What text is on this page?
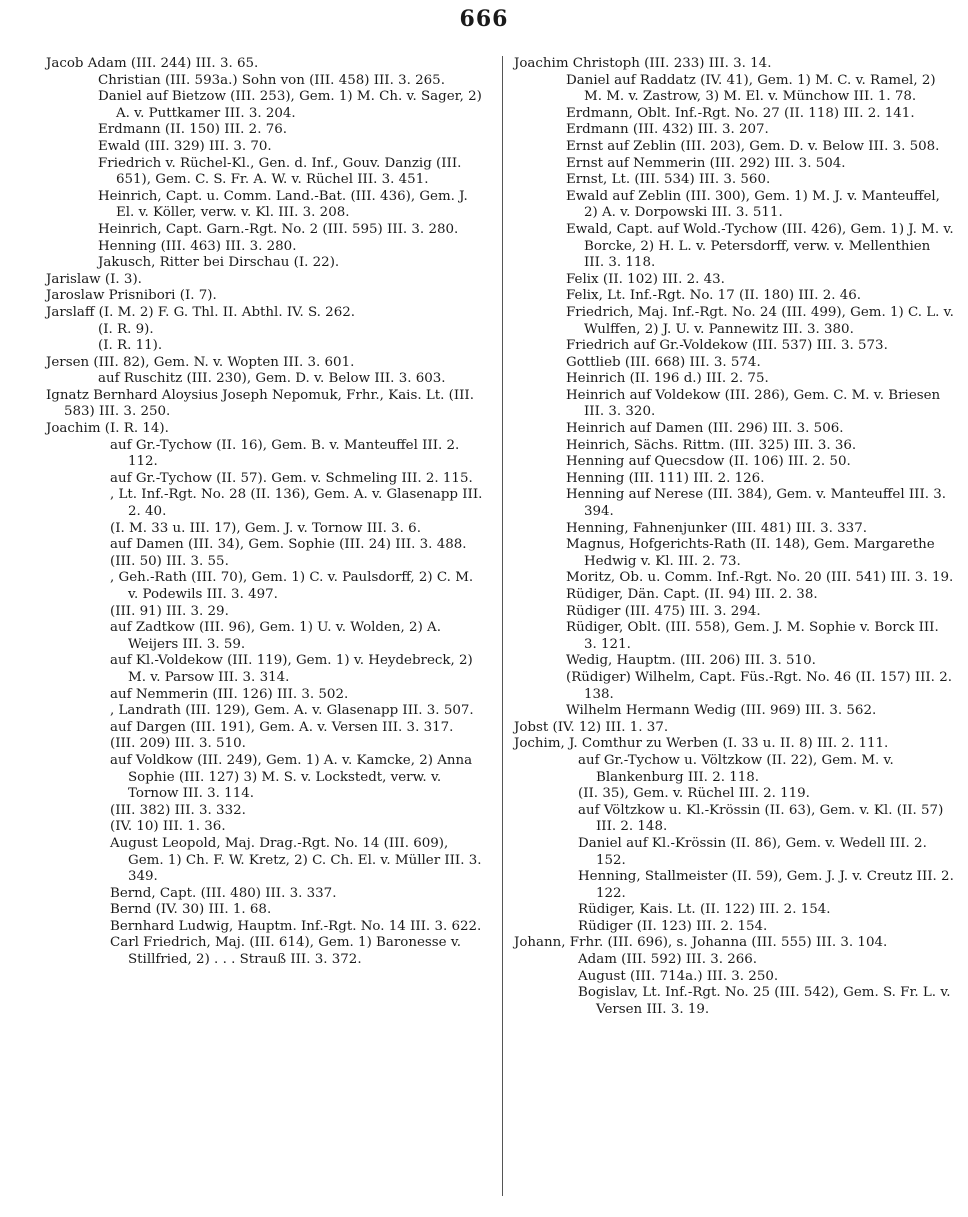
666
Jacob Adam (III. 244) III. 3. 65.
Christian (III. 593a.) Sohn von (III. 458) III. 3. 265.
Daniel auf Bietzow (III. 253), Gem. 1) M. Ch. v. Sager, 2) A. v. Puttkamer III. 3. 204.
Erdmann (II. 150) III. 2. 76.
Ewald (III. 329) III. 3. 70.
Friedrich v. Rüchel-Kl., Gen. d. Inf., Gouv. Danzig (III. 651), Gem. C. S. Fr. A. W. v. Rüchel III. 3. 451.
Heinrich, Capt. u. Comm. Land.-Bat. (III. 436), Gem. J. El. v. Köller, verw. v. Kl. III. 3. 208.
Heinrich, Capt. Garn.-Rgt. No. 2 (III. 595) III. 3. 280.
Henning (III. 463) III. 3. 280.
Jakusch, Ritter bei Dirschau (I. 22).
Jarislaw (I. 3).
Jaroslaw Prisnibori (I. 7).
Jarslaff (I. M. 2) F. G. Thl. II. Abthl. IV. S. 262.
(I. R. 9).
(I. R. 11).
Jersen (III. 82), Gem. N. v. Wopten III. 3. 601.
auf Ruschitz (III. 230), Gem. D. v. Below III. 3. 603.
Ignatz Bernhard Aloysius Joseph Nepomuk, Frhr., Kais. Lt. (III. 583) III. 3. 250.
Joachim (I. R. 14).
auf Gr.-Tychow (II. 16), Gem. B. v. Manteuffel III. 2. 112.
auf Gr.-Tychow (II. 57). Gem. v. Schmeling III. 2. 115.
, Lt. Inf.-Rgt. No. 28 (II. 136), Gem. A. v. Glasenapp III. 2. 40.
(I. M. 33 u. III. 17), Gem. J. v. Tornow III. 3. 6.
auf Damen (III. 34), Gem. Sophie (III. 24) III. 3. 488.
(III. 50) III. 3. 55.
, Geh.-Rath (III. 70), Gem. 1) C. v. Paulsdorff, 2) C. M. v. Podewils III. 3. 497.
(III. 91) III. 3. 29.
auf Zadtkow (III. 96), Gem. 1) U. v. Wolden, 2) A. Weijers III. 3. 59.
auf Kl.-Voldekow (III. 119), Gem. 1) v. Heydebreck, 2) M. v. Parsow III. 3. 314.
auf Nemmerin (III. 126) III. 3. 502.
, Landrath (III. 129), Gem. A. v. Glasenapp III. 3. 507.
auf Dargen (III. 191), Gem. A. v. Versen III. 3. 317.
(III. 209) III. 3. 510.
auf Voldkow (III. 249), Gem. 1) A. v. Kamcke, 2) Anna Sophie (III. 127) 3) M. S. v. Lockstedt, verw. v. Tornow III. 3. 114.
(III. 382) III. 3. 332.
(IV. 10) III. 1. 36.
August Leopold, Maj. Drag.-Rgt. No. 14 (III. 609), Gem. 1) Ch. F. W. Kretz, 2) C. Ch. El. v. Müller III. 3. 349.
Bernd, Capt. (III. 480) III. 3. 337.
Bernd (IV. 30) III. 1. 68.
Bernhard Ludwig, Hauptm. Inf.-Rgt. No. 14 III. 3. 622.
Carl Friedrich, Maj. (III. 614), Gem. 1) Baronesse v. Stillfried, 2) . . . Strauß III. 3. 372.
Joachim Christoph (III. 233) III. 3. 14.
Daniel auf Raddatz (IV. 41), Gem. 1) M. C. v. Ramel, 2) M. M. v. Zastrow, 3) M. El. v. Münchow III. 1. 78.
Erdmann, Oblt. Inf.-Rgt. No. 27 (II. 118) III. 2. 141.
Erdmann (III. 432) III. 3. 207.
Ernst auf Zeblin (III. 203), Gem. D. v. Below III. 3. 508.
Ernst auf Nemmerin (III. 292) III. 3. 504.
Ernst, Lt. (III. 534) III. 3. 560.
Ewald auf Zeblin (III. 300), Gem. 1) M. J. v. Manteuffel, 2) A. v. Dorpowski III. 3. 511.
Ewald, Capt. auf Wold.-Tychow (III. 426), Gem. 1) J. M. v. Borcke, 2) H. L. v. Petersdorff, verw. v. Mellenthien III. 3. 118.
Felix (II. 102) III. 2. 43.
Felix, Lt. Inf.-Rgt. No. 17 (II. 180) III. 2. 46.
Friedrich, Maj. Inf.-Rgt. No. 24 (III. 499), Gem. 1) C. L. v. Wulffen, 2) J. U. v. Pannewitz III. 3. 380.
Friedrich auf Gr.-Voldekow (III. 537) III. 3. 573.
Gottlieb (III. 668) III. 3. 574.
Heinrich (II. 196 d.) III. 2. 75.
Heinrich auf Voldekow (III. 286), Gem. C. M. v. Briesen III. 3. 320.
Heinrich auf Damen (III. 296) III. 3. 506.
Heinrich, Sächs. Rittm. (III. 325) III. 3. 36.
Henning auf Quecsdow (II. 106) III. 2. 50.
Henning (III. 111) III. 2. 126.
Henning auf Nerese (III. 384), Gem. v. Manteuffel III. 3. 394.
Henning, Fahnenjunker (III. 481) III. 3. 337.
Magnus, Hofgerichts-Rath (II. 148), Gem. Margarethe Hedwig v. Kl. III. 2. 73.
Moritz, Ob. u. Comm. Inf.-Rgt. No. 20 (III. 541) III. 3. 19.
Rüdiger, Dän. Capt. (II. 94) III. 2. 38.
Rüdiger (III. 475) III. 3. 294.
Rüdiger, Oblt. (III. 558), Gem. J. M. Sophie v. Borck III. 3. 121.
Wedig, Hauptm. (III. 206) III. 3. 510.
(Rüdiger) Wilhelm, Capt. Füs.-Rgt. No. 46 (II. 157) III. 2. 138.
Wilhelm Hermann Wedig (III. 969) III. 3. 562.
Jobst (IV. 12) III. 1. 37.
Jochim, J. Comthur zu Werben (I. 33 u. II. 8) III. 2. 111.
auf Gr.-Tychow u. Völtzkow (II. 22), Gem. M. v. Blankenburg III. 2. 118.
(II. 35), Gem. v. Rüchel III. 2. 119.
auf Völtzkow u. Kl.-Krössin (II. 63), Gem. v. Kl. (II. 57) III. 2. 148.
Daniel auf Kl.-Krössin (II. 86), Gem. v. Wedell III. 2. 152.
Henning, Stallmeister (II. 59), Gem. J. J. v. Creutz III. 2. 122.
Rüdiger, Kais. Lt. (II. 122) III. 2. 154.
Rüdiger (II. 123) III. 2. 154.
Johann, Frhr. (III. 696), s. Johanna (III. 555) III. 3. 104.
Adam (III. 592) III. 3. 266.
August (III. 714a.) III. 3. 250.
Bogislav, Lt. Inf.-Rgt. No. 25 (III. 542), Gem. S. Fr. L. v. Versen III. 3. 19.
